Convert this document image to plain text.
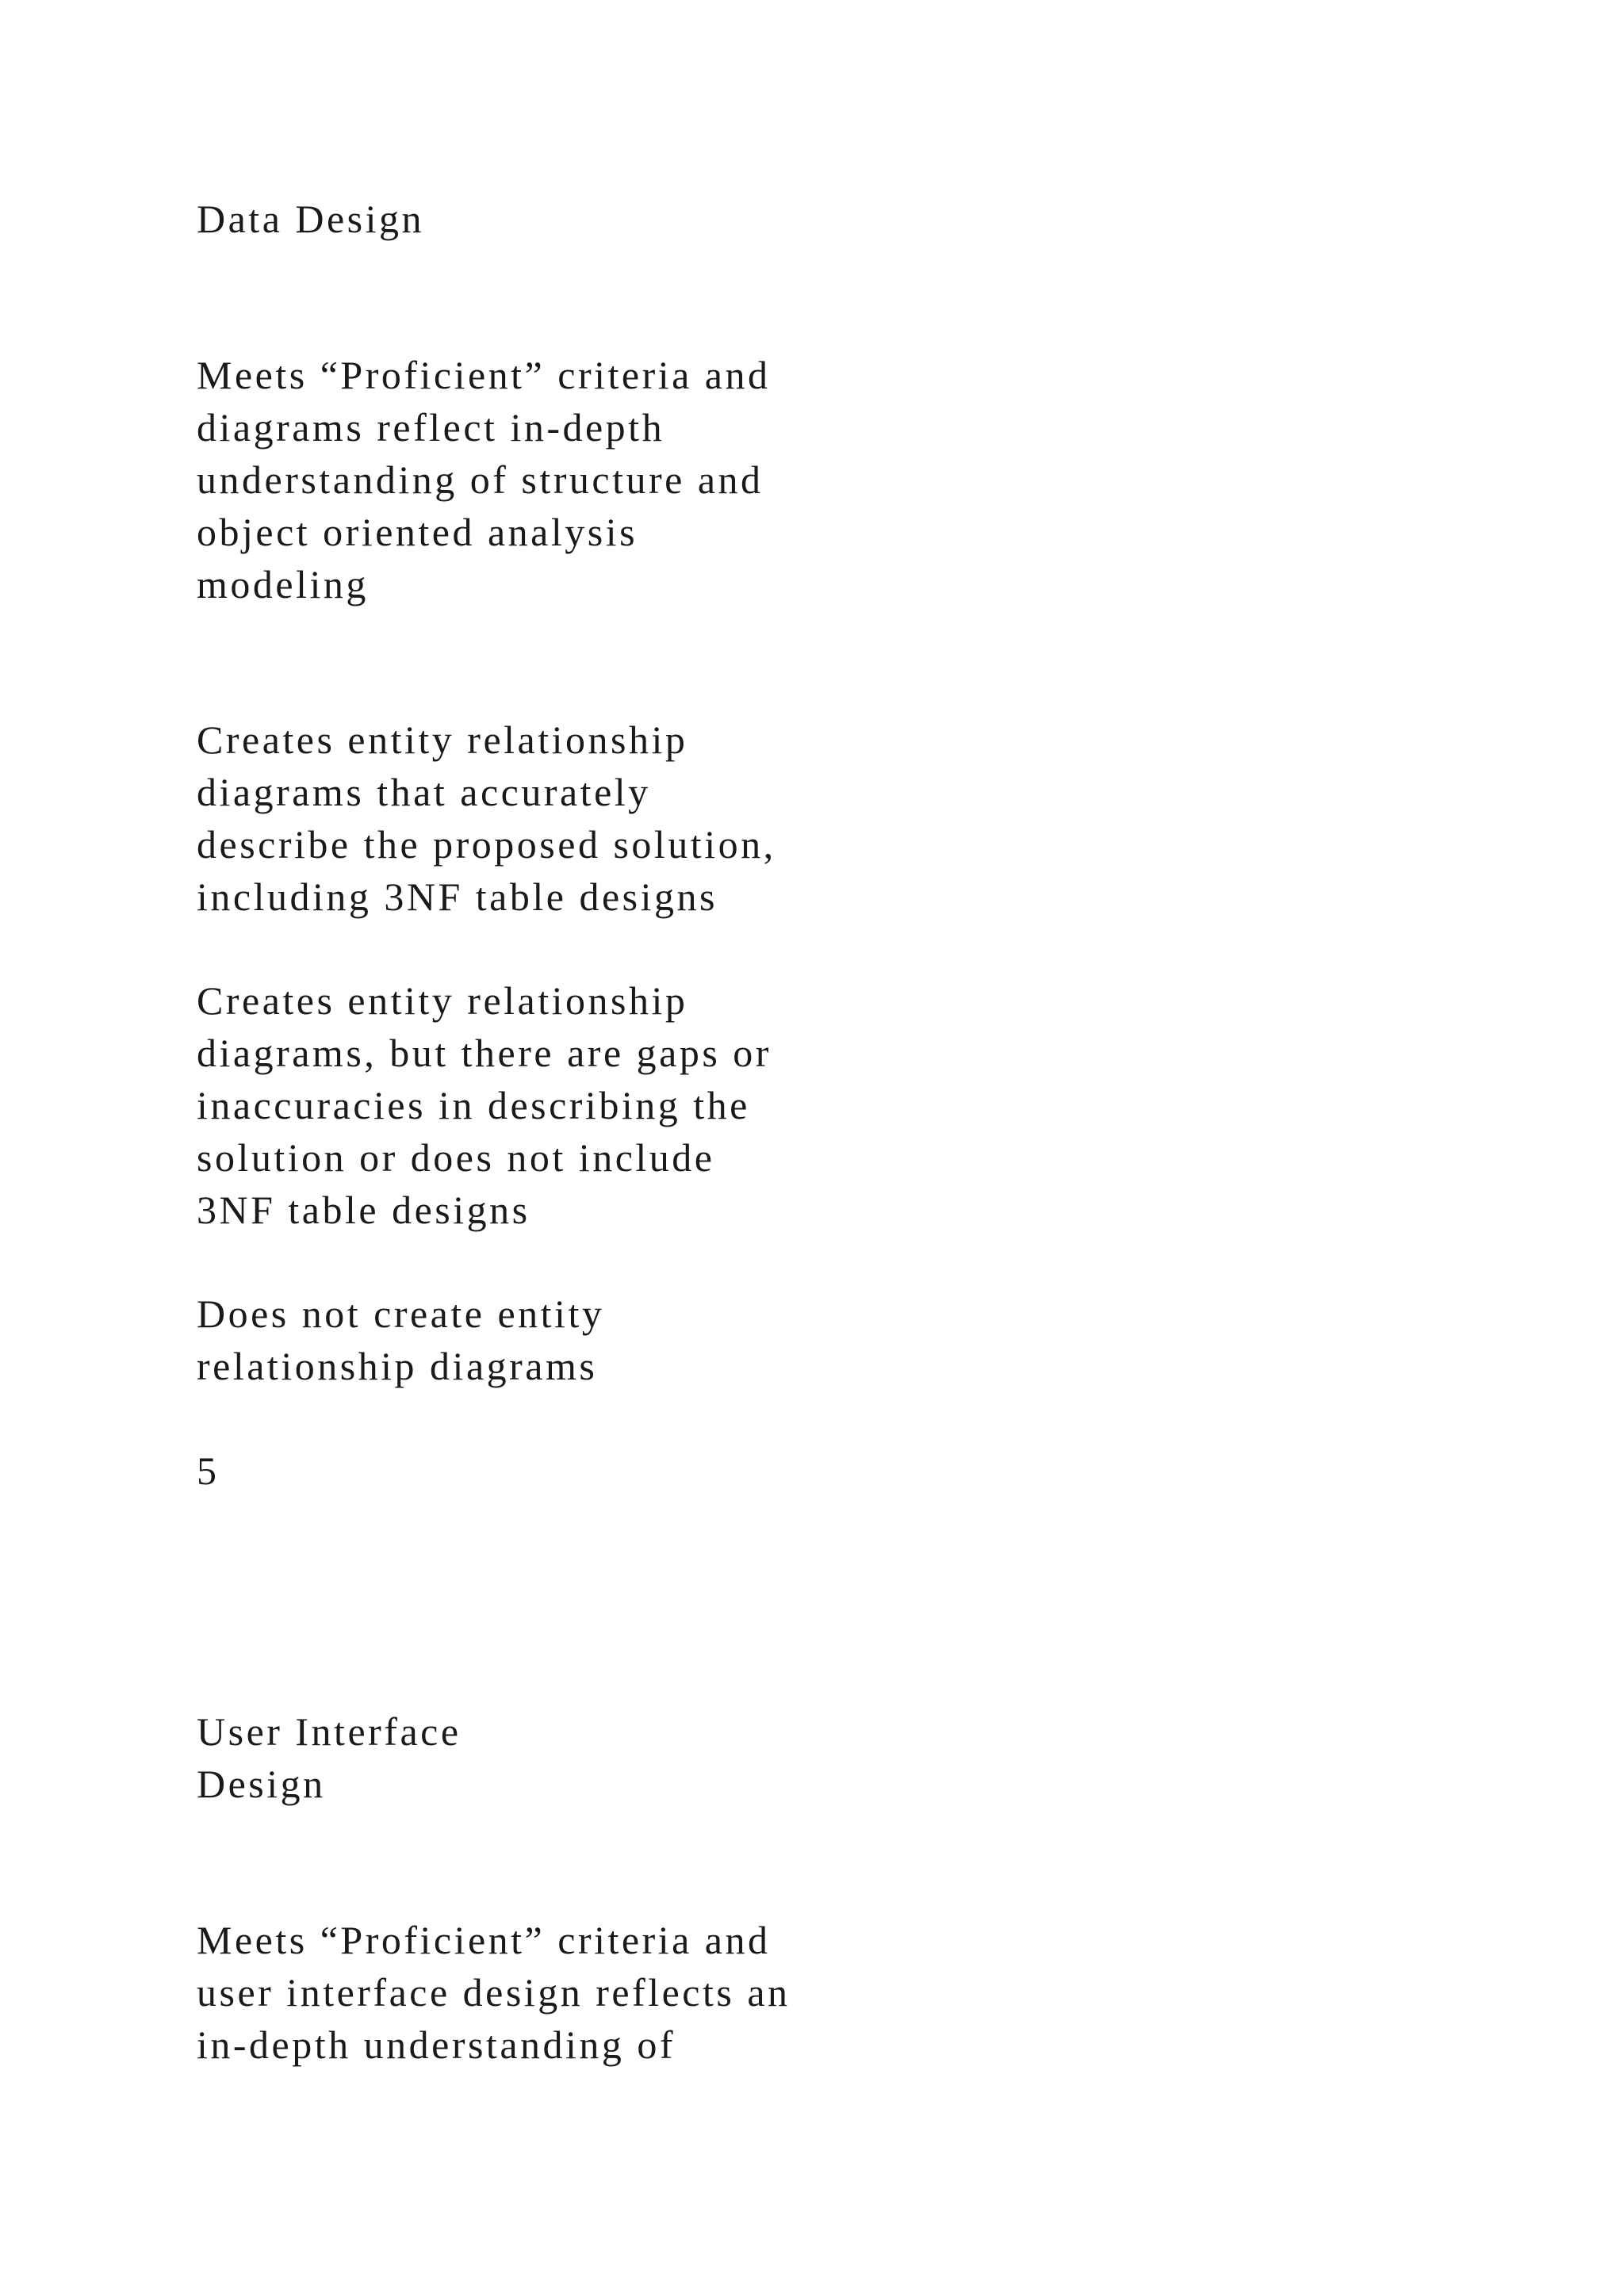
Data Design

Meets “Proficient” criteria and
diagrams reflect in-depth
understanding of structure and
object oriented analysis
modeling

Creates entity relationship
diagrams that accurately
describe the proposed solution,
including 3NF table designs

Creates entity relationship
diagrams, but there are gaps or
inaccuracies in describing the
solution or does not include
3NF table designs

Does not create entity
relationship diagrams

5

User Interface
Design

Meets “Proficient” criteria and
user interface design reflects an
in-depth understanding of
